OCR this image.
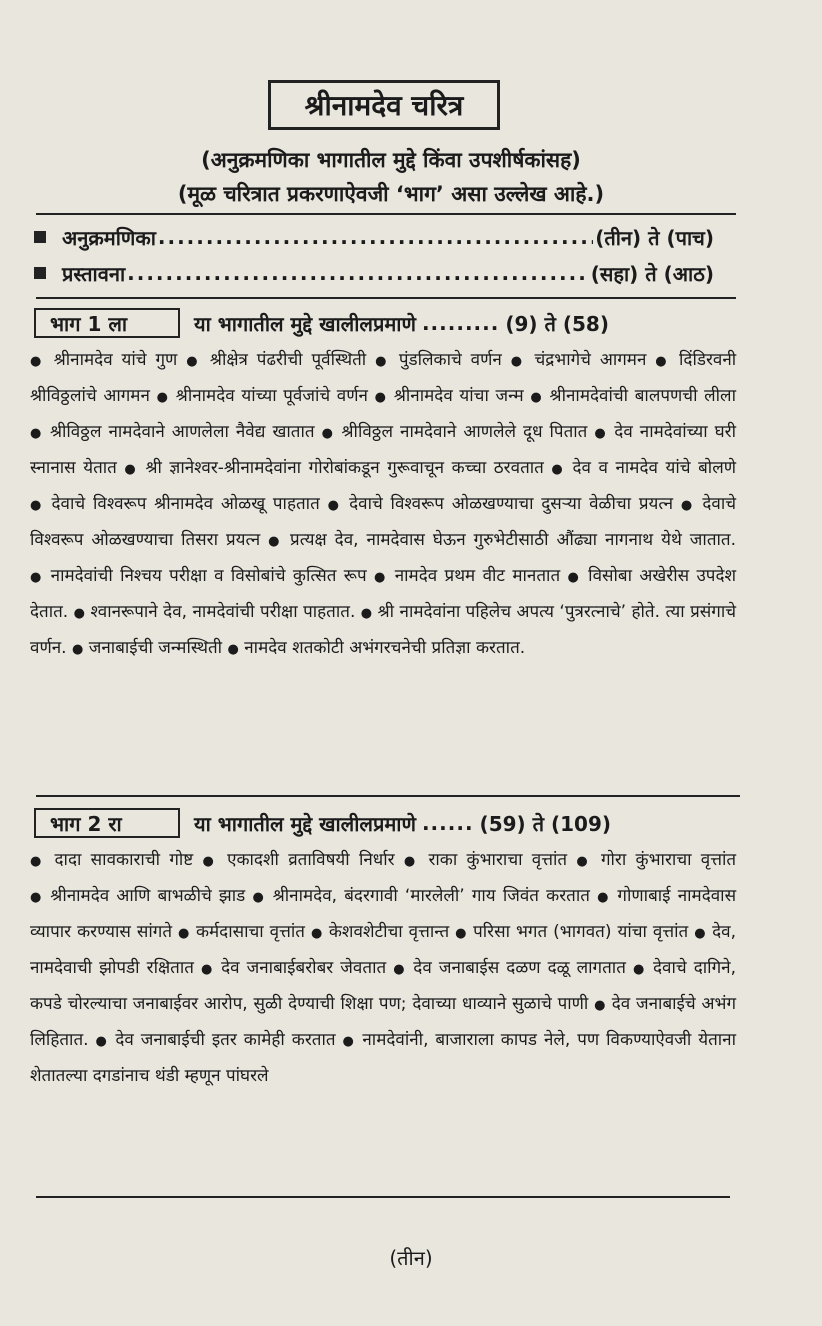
श्रीनामदेव चरित्र
(अनुक्रमणिका भागातील मुद्दे किंवा उपशीर्षकांसह)
(मूळ चरित्रात प्रकरणाऐवजी ‘भाग’ असा उल्लेख आहे.)
अनुक्रमणिका .....	(तीन) ते (पाच)
प्रस्तावना .....	(सहा) ते (आठ)
भाग 1 ला	या भागातील मुद्दे खालीलप्रमाणे ......... (9) ते (58)
● श्रीनामदेव यांचे गुण ● श्रीक्षेत्र पंढरीची पूर्वस्थिती ● पुंडलिकाचे वर्णन ● चंद्रभागेचे आगमन ● दिंडिरवनी श्रीविठ्ठलांचे आगमन ● श्रीनामदेव यांच्या पूर्वजांचे वर्णन ● श्रीनामदेव यांचा जन्म ● श्रीनामदेवांची बालपणची लीला ● श्रीविठ्ठल नामदेवाने आणलेला नैवेद्य खातात ● श्रीविठ्ठल नामदेवाने आणलेले दूध पितात ● देव नामदेवांच्या घरी स्नानास येतात ● श्री ज्ञानेश्वर-श्रीनामदेवांना गोरोबांकडून गुरूवाचून कच्चा ठरवतात ● देव व नामदेव यांचे बोलणे ● देवाचे विश्वरूप श्रीनामदेव ओळखू पाहतात ● देवाचे विश्वरूप ओळखण्याचा दुसऱ्या वेळीचा प्रयत्न ● देवाचे विश्वरूप ओळखण्याचा तिसरा प्रयत्न ● प्रत्यक्ष देव, नामदेवास घेऊन गुरुभेटीसाठी औंढ्या नागनाथ येथे जातात. ● नामदेवांची निश्चय परीक्षा व विसोबांचे कुत्सित रूप ● नामदेव प्रथम वीट मानतात ● विसोबा अखेरीस उपदेश देतात. ● श्वानरूपाने देव, नामदेवांची परीक्षा पाहतात. ● श्री नामदेवांना पहिलेच अपत्य ‘पुत्ररत्नाचे’ होते. त्या प्रसंगाचे वर्णन. ● जनाबाईची जन्मस्थिती ● नामदेव शतकोटी अभंगरचनेची प्रतिज्ञा करतात.
भाग 2 रा	या भागातील मुद्दे खालीलप्रमाणे ...... (59) ते (109)
● दादा सावकाराची गोष्ट ● एकादशी व्रताविषयी निर्धार ● राका कुंभाराचा वृत्तांत ● गोरा कुंभाराचा वृत्तांत ● श्रीनामदेव आणि बाभळीचे झाड ● श्रीनामदेव, बंदरगावी ‘मारलेली’ गाय जिवंत करतात ● गोणाबाई नामदेवास व्यापार करण्यास सांगते ● कर्मदासाचा वृत्तांत ● केशवशेटीचा वृत्तान्त ● परिसा भगत (भागवत) यांचा वृत्तांत ● देव, नामदेवाची झोपडी रक्षितात ● देव जनाबाईबरोबर जेवतात ● देव जनाबाईस दळण दळू लागतात ● देवाचे दागिने, कपडे चोरल्याचा जनाबाईवर आरोप, सुळी देण्याची शिक्षा पण; देवाच्या धाव्याने सुळाचे पाणी ● देव जनाबाईचे अभंग लिहितात. ● देव जनाबाईची इतर कामेही करतात ● नामदेवांनी, बाजाराला कापड नेले, पण विकण्याऐवजी येताना शेतातल्या दगडांनाच थंडी म्हणून पांघरले
(तीन)
